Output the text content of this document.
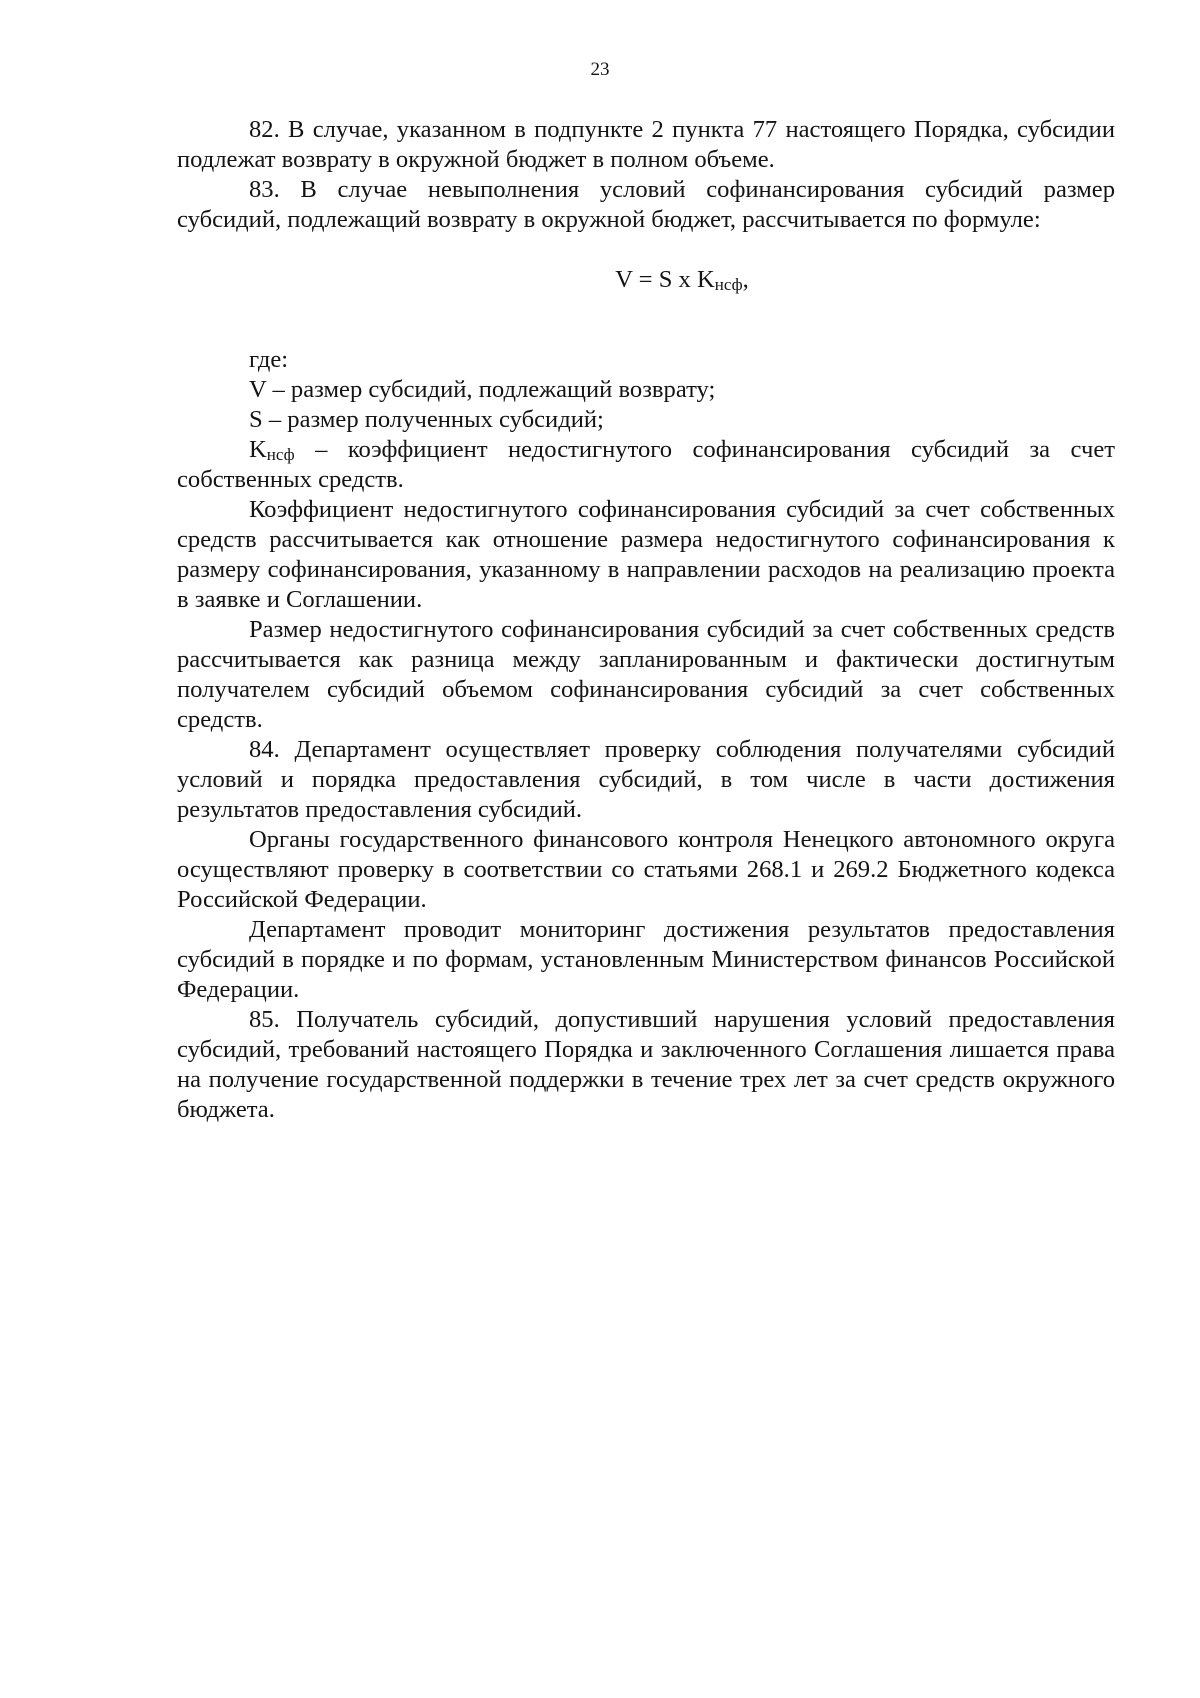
23

82. В случае, указанном в подпункте 2 пункта 77 настоящего Порядка, субсидии подлежат возврату в окружной бюджет в полном объеме.

83. В случае невыполнения условий софинансирования субсидий размер субсидий, подлежащий возврату в окружной бюджет, рассчитывается по формуле:

V = S x $K_{нсф}$,

где:

V – размер субсидий, подлежащий возврату;

S – размер полученных субсидий;

$K_{нсф}$ – коэффициент недостигнутого софинансирования субсидий за счет собственных средств.

Коэффициент недостигнутого софинансирования субсидий за счет собственных средств рассчитывается как отношение размера недостигнутого софинансирования к размеру софинансирования, указанному в направлении расходов на реализацию проекта в заявке и Соглашении.

Размер недостигнутого софинансирования субсидий за счет собственных средств рассчитывается как разница между запланированным и фактически достигнутым получателем субсидий объемом софинансирования субсидий за счет собственных средств.

84. Департамент осуществляет проверку соблюдения получателями субсидий условий и порядка предоставления субсидий, в том числе в части достижения результатов предоставления субсидий.

Органы государственного финансового контроля Ненецкого автономного округа осуществляют проверку в соответствии со статьями 268.1 и 269.2 Бюджетного кодекса Российской Федерации.

Департамент проводит мониторинг достижения результатов предоставления субсидий в порядке и по формам, установленным Министерством финансов Российской Федерации.

85. Получатель субсидий, допустивший нарушения условий предоставления субсидий, требований настоящего Порядка и заключенного Соглашения лишается права на получение государственной поддержки в течение трех лет за счет средств окружного бюджета.
